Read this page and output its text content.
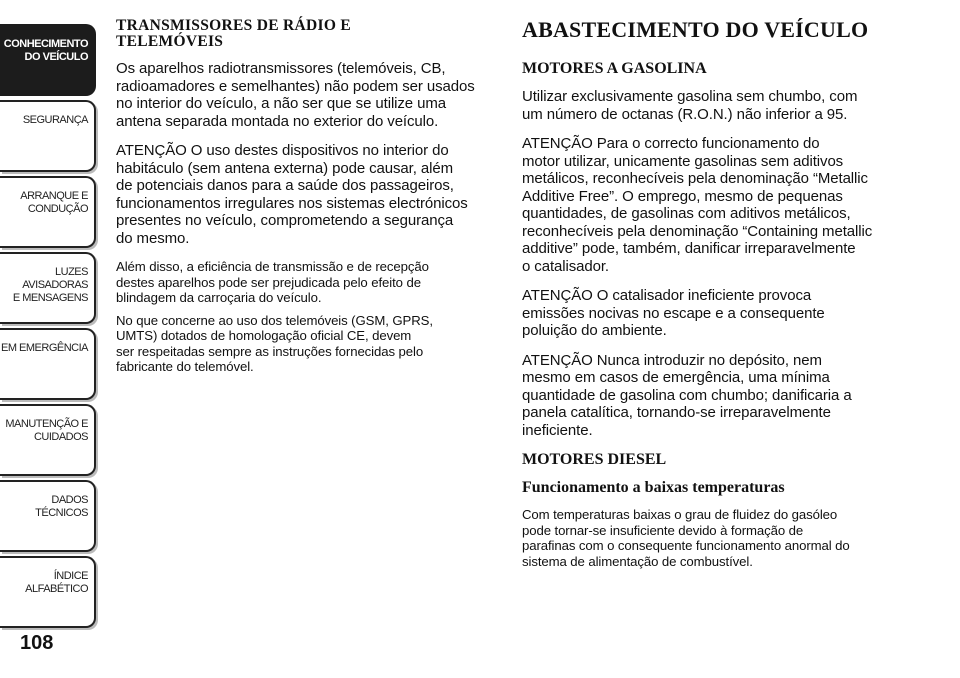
CONHECIMENTO
DO VEÍCULO
SEGURANÇA
ARRANQUE E
CONDUÇÃO
LUZES AVISADORAS
E MENSAGENS
EM EMERGÊNCIA
MANUTENÇÃO E
CUIDADOS
DADOS TÉCNICOS
ÍNDICE ALFABÉTICO
108
TRANSMISSORES DE RÁDIO E
TELEMÓVEIS
Os aparelhos radiotransmissores (telemóveis, CB,
radioamadores e semelhantes) não podem ser usados
no interior do veículo, a não ser que se utilize uma
antena separada montada no exterior do veículo.
ATENÇÃO O uso destes dispositivos no interior do
habitáculo (sem antena externa) pode causar, além
de potenciais danos para a saúde dos passageiros,
funcionamentos irregulares nos sistemas electrónicos
presentes no veículo, comprometendo a segurança
do mesmo.
Além disso, a eficiência de transmissão e de recepção
destes aparelhos pode ser prejudicada pelo efeito de
blindagem da carroçaria do veículo.
No que concerne ao uso dos telemóveis (GSM, GPRS,
UMTS) dotados de homologação oficial CE, devem
ser respeitadas sempre as instruções fornecidas pelo
fabricante do telemóvel.
ABASTECIMENTO DO VEÍCULO
MOTORES A GASOLINA
Utilizar exclusivamente gasolina sem chumbo, com
um número de octanas (R.O.N.) não inferior a 95.
ATENÇÃO Para o correcto funcionamento do
motor utilizar, unicamente gasolinas sem aditivos
metálicos, reconhecíveis pela denominação “Metallic
Additive Free”. O emprego, mesmo de pequenas
quantidades, de gasolinas com aditivos metálicos,
reconhecíveis pela denominação “Containing metallic
additive” pode, também, danificar irreparavelmente
o catalisador.
ATENÇÃO O catalisador ineficiente provoca
emissões nocivas no escape e a consequente
poluição do ambiente.
ATENÇÃO Nunca introduzir no depósito, nem
mesmo em casos de emergência, uma mínima
quantidade de gasolina com chumbo; danificaria a
panela catalítica, tornando-se irreparavelmente
ineficiente.
MOTORES DIESEL
Funcionamento a baixas temperaturas
Com temperaturas baixas o grau de fluidez do gasóleo
pode tornar-se insuficiente devido à formação de
parafinas com o consequente funcionamento anormal do
sistema de alimentação de combustível.
